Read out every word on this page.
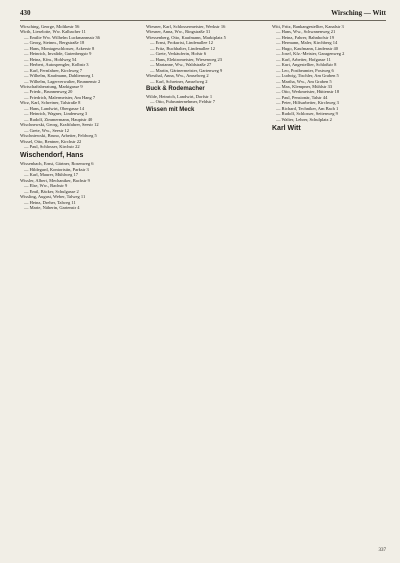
430	Wirsching — Witt
Wirsching, George, Moltkestr 56
Wirth, Lieselotte, Ww. Kalbacher 11
— Emilie Ww. Wilhelm Luckmannsstr 36
— Georg, Steinm., Bergstraße 18
— Hans, Montageschlosser, Ackerstr 8
— Heinrich, Invalide, Gutenbergstr 9
— Heinz, Kfm., Hohlweg 54
— Herbert, Autospengler, Kolbstr 3
— Karl, Fernfahrer, Kirchweg 7
— Wilhelm, Kaufmann, Dahlienweg 1
— Wilhelm, Lagerverwalter, Brunnenstr 2
Wirtschaftsberatung, Marktgasse 9
— Friedr., Brunnenweg 20
— Friedrich, Malermeister, Am Hang 7
Wirz, Karl, Schreiner, Talstraße 8
— Hans, Landwirt, Obergasse 14
— Heinrich, Wagner, Lindenweg 3
— Rudolf, Zimmermann, Hauptstr 40
Wischnewski, Georg, Kraftfahrer, Seestr 12
— Grete, Ww., Seestr 12
Wischniewski, Bruno, Arbeiter, Feldweg 5
Wissel, Otto, Rentner, Kirchstr 22
— Paul, Schlosser, Kirchstr 22
Wischendorf, Hans
Wissenbach, Ernst, Gärtner, Rosenweg 6
— Hildegard, Kontoristin, Parkstr 3
— Karl, Maurer, Mühlweg 17
Wissler, Albert, Mechaniker, Bachstr 9
— Else, Ww., Bachstr 9
— Emil, Bäcker, Schulgasse 2
Wissling, August, Weber, Talweg 11
— Heinz, Dreher, Talweg 11
— Marie, Näherin, Gartenstr 4
Wiesner, Karl, Schlossermeister, Werkstr 16
Wiesner, Anna, Ww., Ringstraße 31
Wiessenberg, Otto, Kaufmann, Marktplatz 5
— Ernst, Prokurist, Lindenallee 12
— Fritz, Buchhalter, Lindenallee 12
— Grete, Verkäuferin, Hofstr 6
— Hans, Elektromeister, Wiesenweg 23
— Marianne, Ww., Waldstraße 27
— Martin, Gärtnermeister, Gartenweg 9
Wiesthal, Anna, Ww., Amselweg 2
— Karl, Schreiner, Amselweg 2
Buck & Rodemacher
Wilde, Heinrich, Landwirt, Dorfstr 1
— Otto, Fuhrunternehmer, Feldstr 7
Wissen mit Meck
Witt, Fritz, Bankangestellter, Kanalstr 3
— Hans, Ww., Schwanenweg 21
— Heinz, Fahrer, Bahnhofstr 19
— Hermann, Maler, Kirchberg 14
— Hugo, Kaufmann, Lindenstr 40
— Josef, Kfz.-Meister, Garagenweg 2
— Karl, Arbeiter, Hofgasse 11
— Kurt, Angestellter, Schloßstr 8
— Leo, Postbeamter, Postweg 6
— Ludwig, Tischler, Am Graben 5
— Martha, Ww., Am Graben 5
— Max, Klempner, Mühlstr 33
— Otto, Werkmeister, Hüttenstr 18
— Paul, Pensionär, Talstr 44
— Peter, Hilfsarbeiter, Kirchweg 3
— Richard, Techniker, Am Bach 1
— Rudolf, Schlosser, Seitenweg 9
— Walter, Lehrer, Schulplatz 2
Karl Witt
337
